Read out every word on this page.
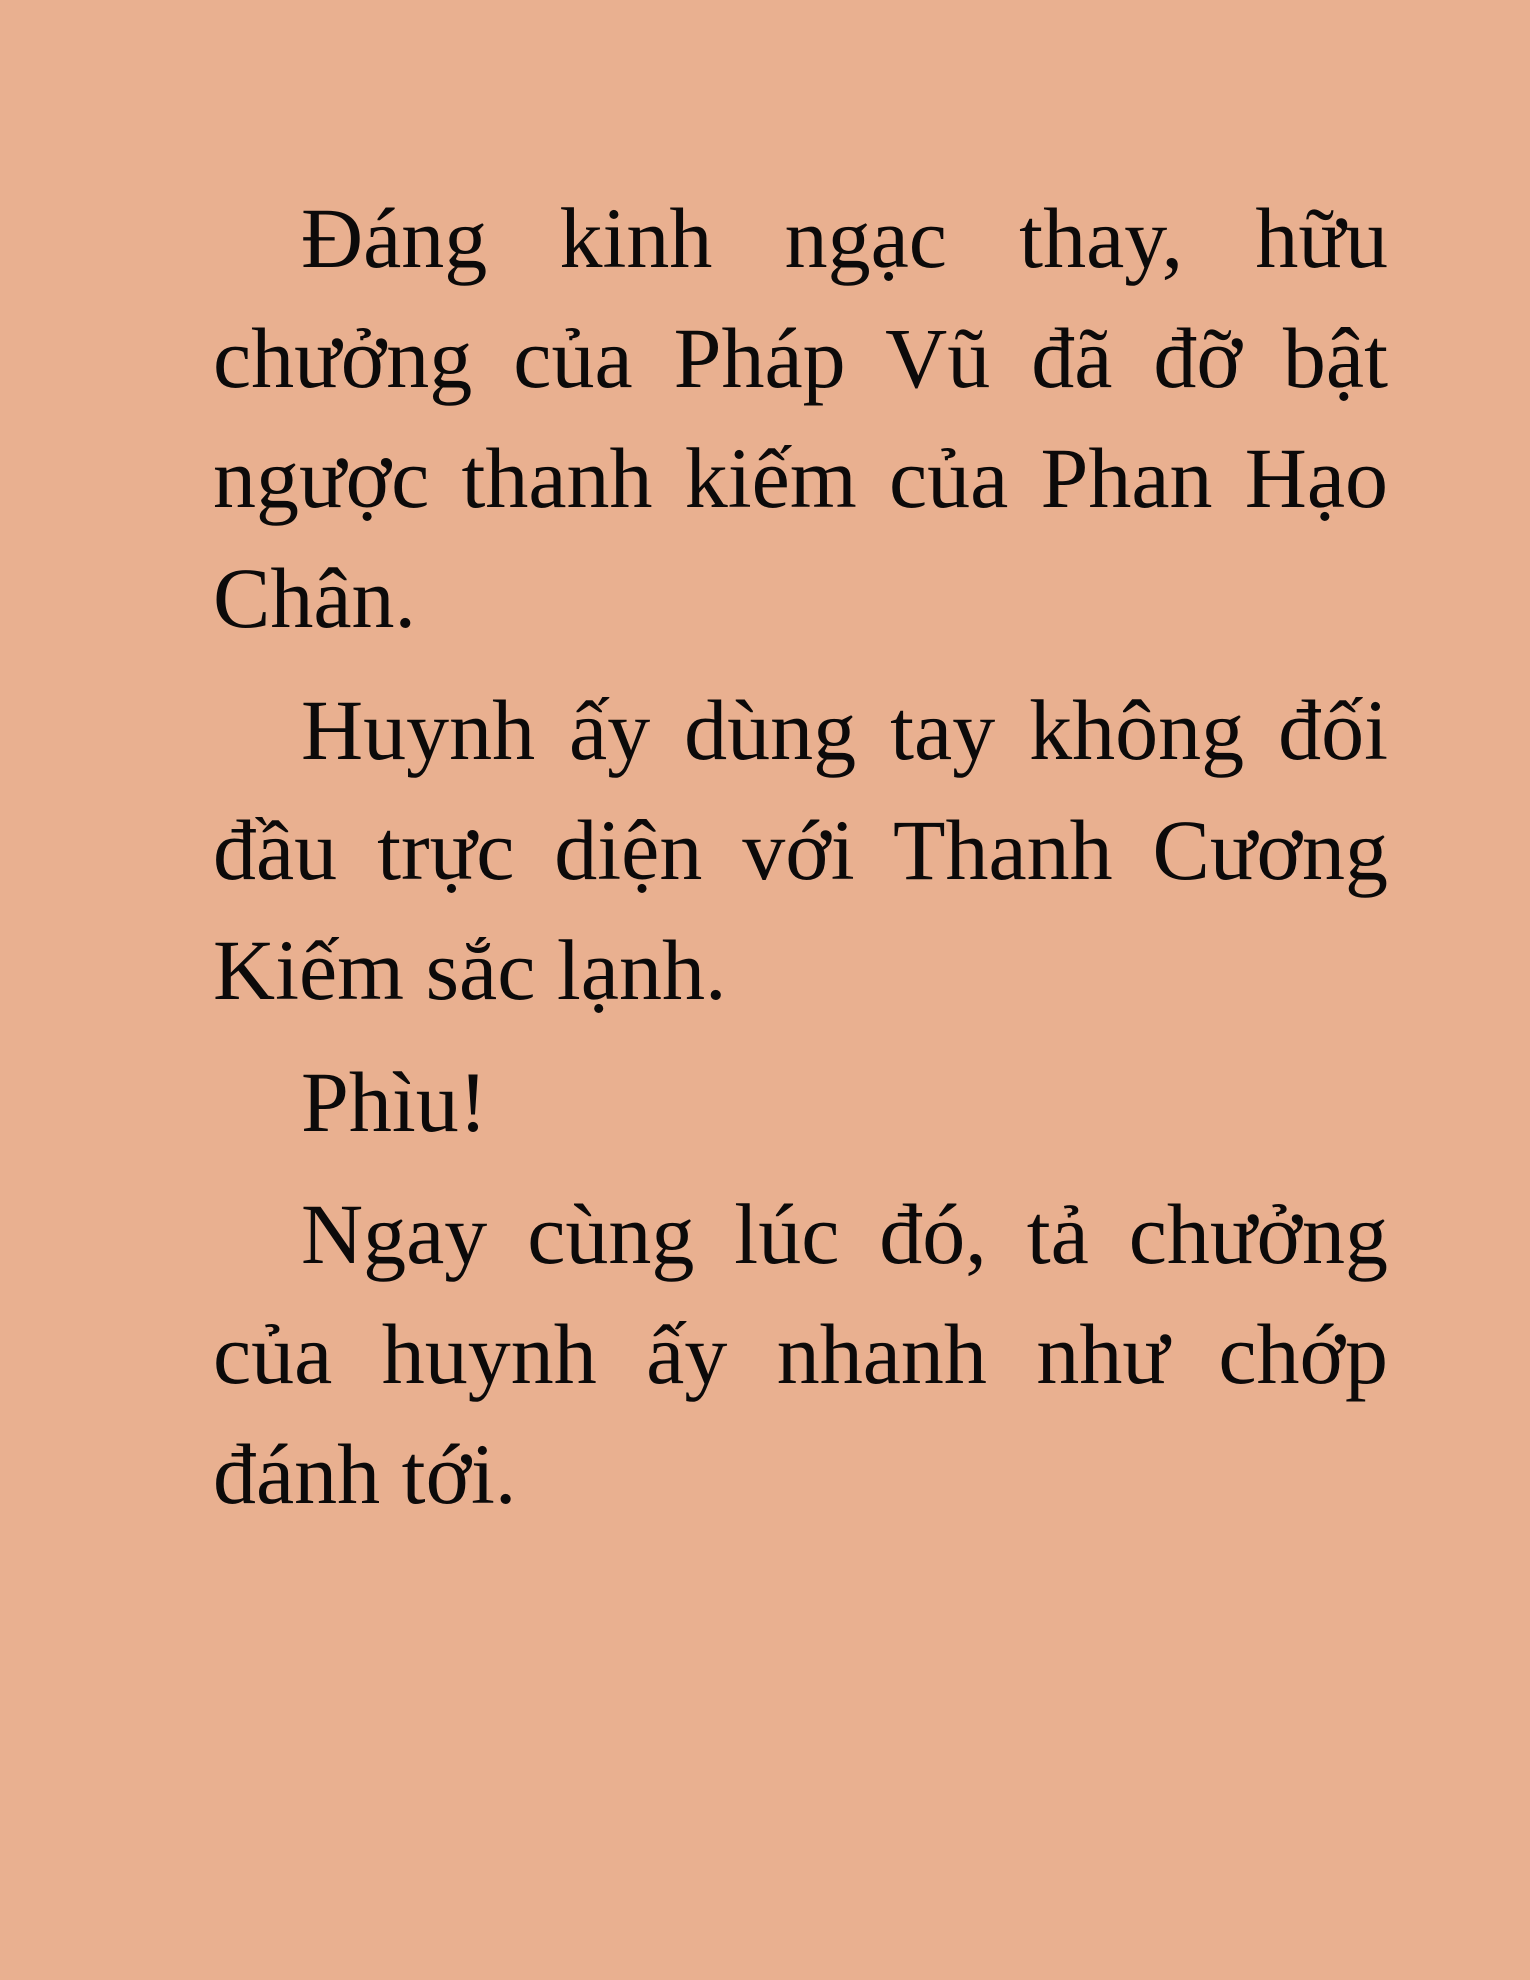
Đáng kinh ngạc thay, hữu chưởng của Pháp Vũ đã đỡ bật ngược thanh kiếm của Phan Hạo Chân.

Huynh ấy dùng tay không đối đầu trực diện với Thanh Cương Kiếm sắc lạnh.

Phìu!

Ngay cùng lúc đó, tả chưởng của huynh ấy nhanh như chớp đánh tới.
